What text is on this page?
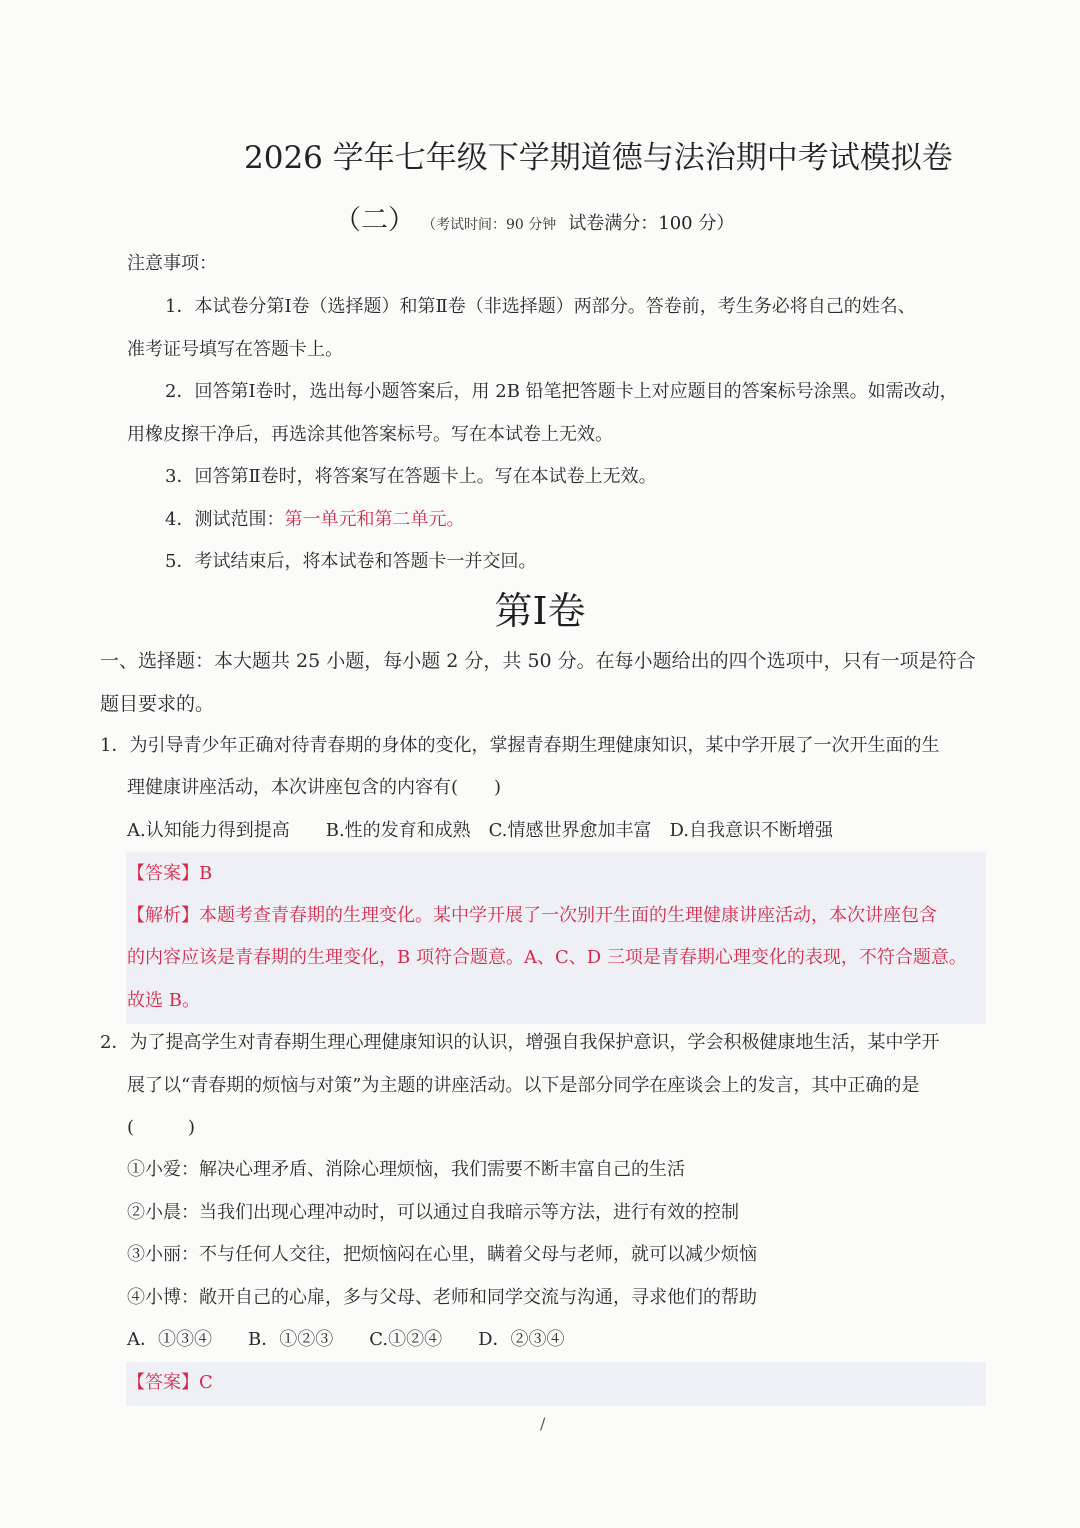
2026 学年七年级下学期道德与法治期中考试模拟卷
（二） （考试时间：90 分钟 试卷满分：100 分）
注意事项：
1．本试卷分第Ⅰ卷（选择题）和第Ⅱ卷（非选择题）两部分。答卷前，考生务必将自己的姓名、
准考证号填写在答题卡上。
2．回答第Ⅰ卷时，选出每小题答案后，用 2B 铅笔把答题卡上对应题目的答案标号涂黑。如需改动，
用橡皮擦干净后，再选涂其他答案标号。写在本试卷上无效。
3．回答第Ⅱ卷时，将答案写在答题卡上。写在本试卷上无效。
4．测试范围：第一单元和第二单元。
5．考试结束后，将本试卷和答题卡一并交回。
第Ⅰ卷
一、选择题：本大题共 25 小题，每小题 2 分，共 50 分。在每小题给出的四个选项中，只有一项是符合
题目要求的。
1．为引导青少年正确对待青春期的身体的变化，掌握青春期生理健康知识，某中学开展了一次开生面的生
理健康讲座活动，本次讲座包含的内容有(　　)
A.认知能力得到提高　　B.性的发育和成熟　C.情感世界愈加丰富　D.自我意识不断增强
【答案】B
【解析】本题考查青春期的生理变化。某中学开展了一次别开生面的生理健康讲座活动，本次讲座包含
的内容应该是青春期的生理变化，B 项符合题意。A、C、D 三项是青春期心理变化的表现，不符合题意。
故选 B。
2．为了提高学生对青春期生理心理健康知识的认识，增强自我保护意识，学会积极健康地生活，某中学开
展了以“青春期的烦恼与对策”为主题的讲座活动。以下是部分同学在座谈会上的发言，其中正确的是
(　　　)
①小爱：解决心理矛盾、消除心理烦恼，我们需要不断丰富自己的生活
②小晨：当我们出现心理冲动时，可以通过自我暗示等方法，进行有效的控制
③小丽：不与任何人交往，把烦恼闷在心里，瞒着父母与老师，就可以减少烦恼
④小博：敞开自己的心扉，多与父母、老师和同学交流与沟通，寻求他们的帮助
A．①③④　　B．①②③　　C.①②④　　D．②③④
【答案】C
/
